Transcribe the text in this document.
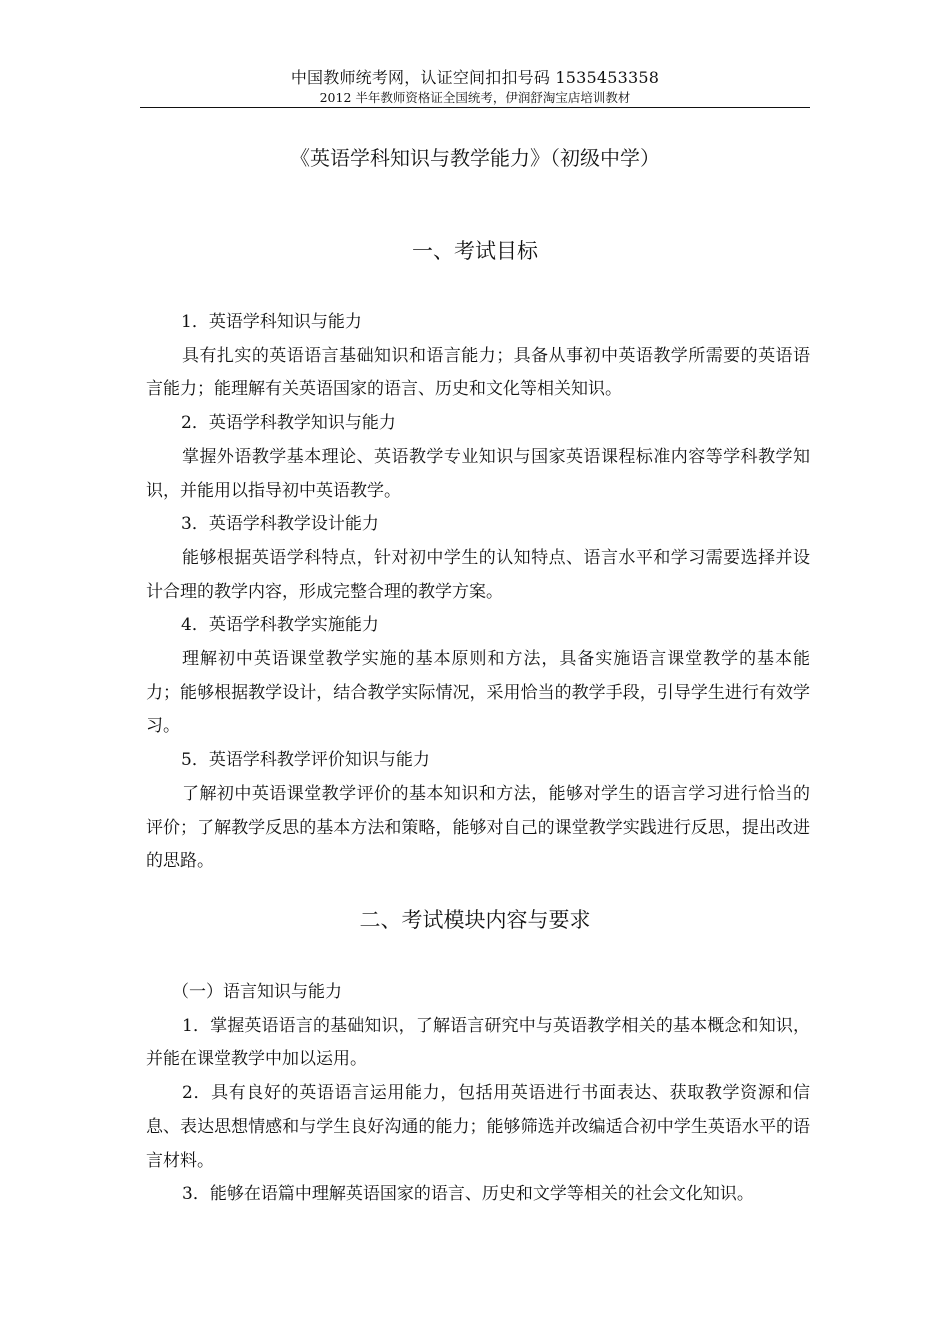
中国教师统考网，认证空间扣扣号码 1535453358
2012 半年教师资格证全国统考，伊润舒淘宝店培训教材
《英语学科知识与教学能力》（初级中学）
一、考试目标

1．英语学科知识与能力

具有扎实的英语语言基础知识和语言能力；具备从事初中英语教学所需要的英语语言能力；能理解有关英语国家的语言、历史和文化等相关知识。

2．英语学科教学知识与能力

掌握外语教学基本理论、英语教学专业知识与国家英语课程标准内容等学科教学知识，并能用以指导初中英语教学。

3．英语学科教学设计能力

能够根据英语学科特点，针对初中学生的认知特点、语言水平和学习需要选择并设计合理的教学内容，形成完整合理的教学方案。

4．英语学科教学实施能力

理解初中英语课堂教学实施的基本原则和方法，具备实施语言课堂教学的基本能力；能够根据教学设计，结合教学实际情况，采用恰当的教学手段，引导学生进行有效学习。

5．英语学科教学评价知识与能力

了解初中英语课堂教学评价的基本知识和方法，能够对学生的语言学习进行恰当的评价；了解教学反思的基本方法和策略，能够对自己的课堂教学实践进行反思，提出改进的思路。

二、考试模块内容与要求

（一）语言知识与能力

1．掌握英语语言的基础知识，了解语言研究中与英语教学相关的基本概念和知识，并能在课堂教学中加以运用。

2．具有良好的英语语言运用能力，包括用英语进行书面表达、获取教学资源和信息、表达思想情感和与学生良好沟通的能力；能够筛选并改编适合初中学生英语水平的语言材料。

3．能够在语篇中理解英语国家的语言、历史和文学等相关的社会文化知识。
